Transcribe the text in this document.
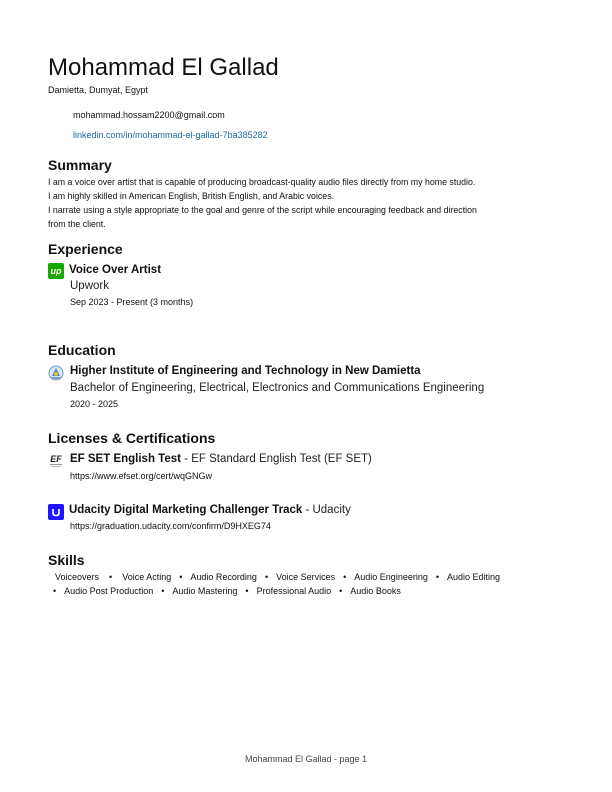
Mohammad El Gallad
Damietta, Dumyat, Egypt
mohammad.hossam2200@gmail.com
linkedin.com/in/mohammad-el-gallad-7ba385282
Summary

I am a voice over artist that is capable of producing broadcast-quality audio files directly from my home studio.

I am highly skilled in American English, British English, and Arabic voices.

I narrate using a style appropriate to the goal and genre of the script while encouraging feedback and direction

from the client.

Experience
up Voice Over Artist
Upwork
Sep 2023 - Present (3 months)
Education
Higher Institute of Engineering and Technology in New Damietta
Bachelor of Engineering, Electrical, Electronics and Communications Engineering
2020 - 2025
Licenses & Certifications
EF EF SET English Test - EF Standard English Test (EF SET)
https://www.efset.org/cert/wqGNGw
Udacity Digital Marketing Challenger Track - Udacity
https://graduation.udacity.com/confirm/D9HXEG74
Skills
Voiceovers • Voice Acting • Audio Recording • Voice Services • Audio Engineering • Audio Editing
• Audio Post Production • Audio Mastering • Professional Audio • Audio Books
Mohammad El Gallad - page 1
